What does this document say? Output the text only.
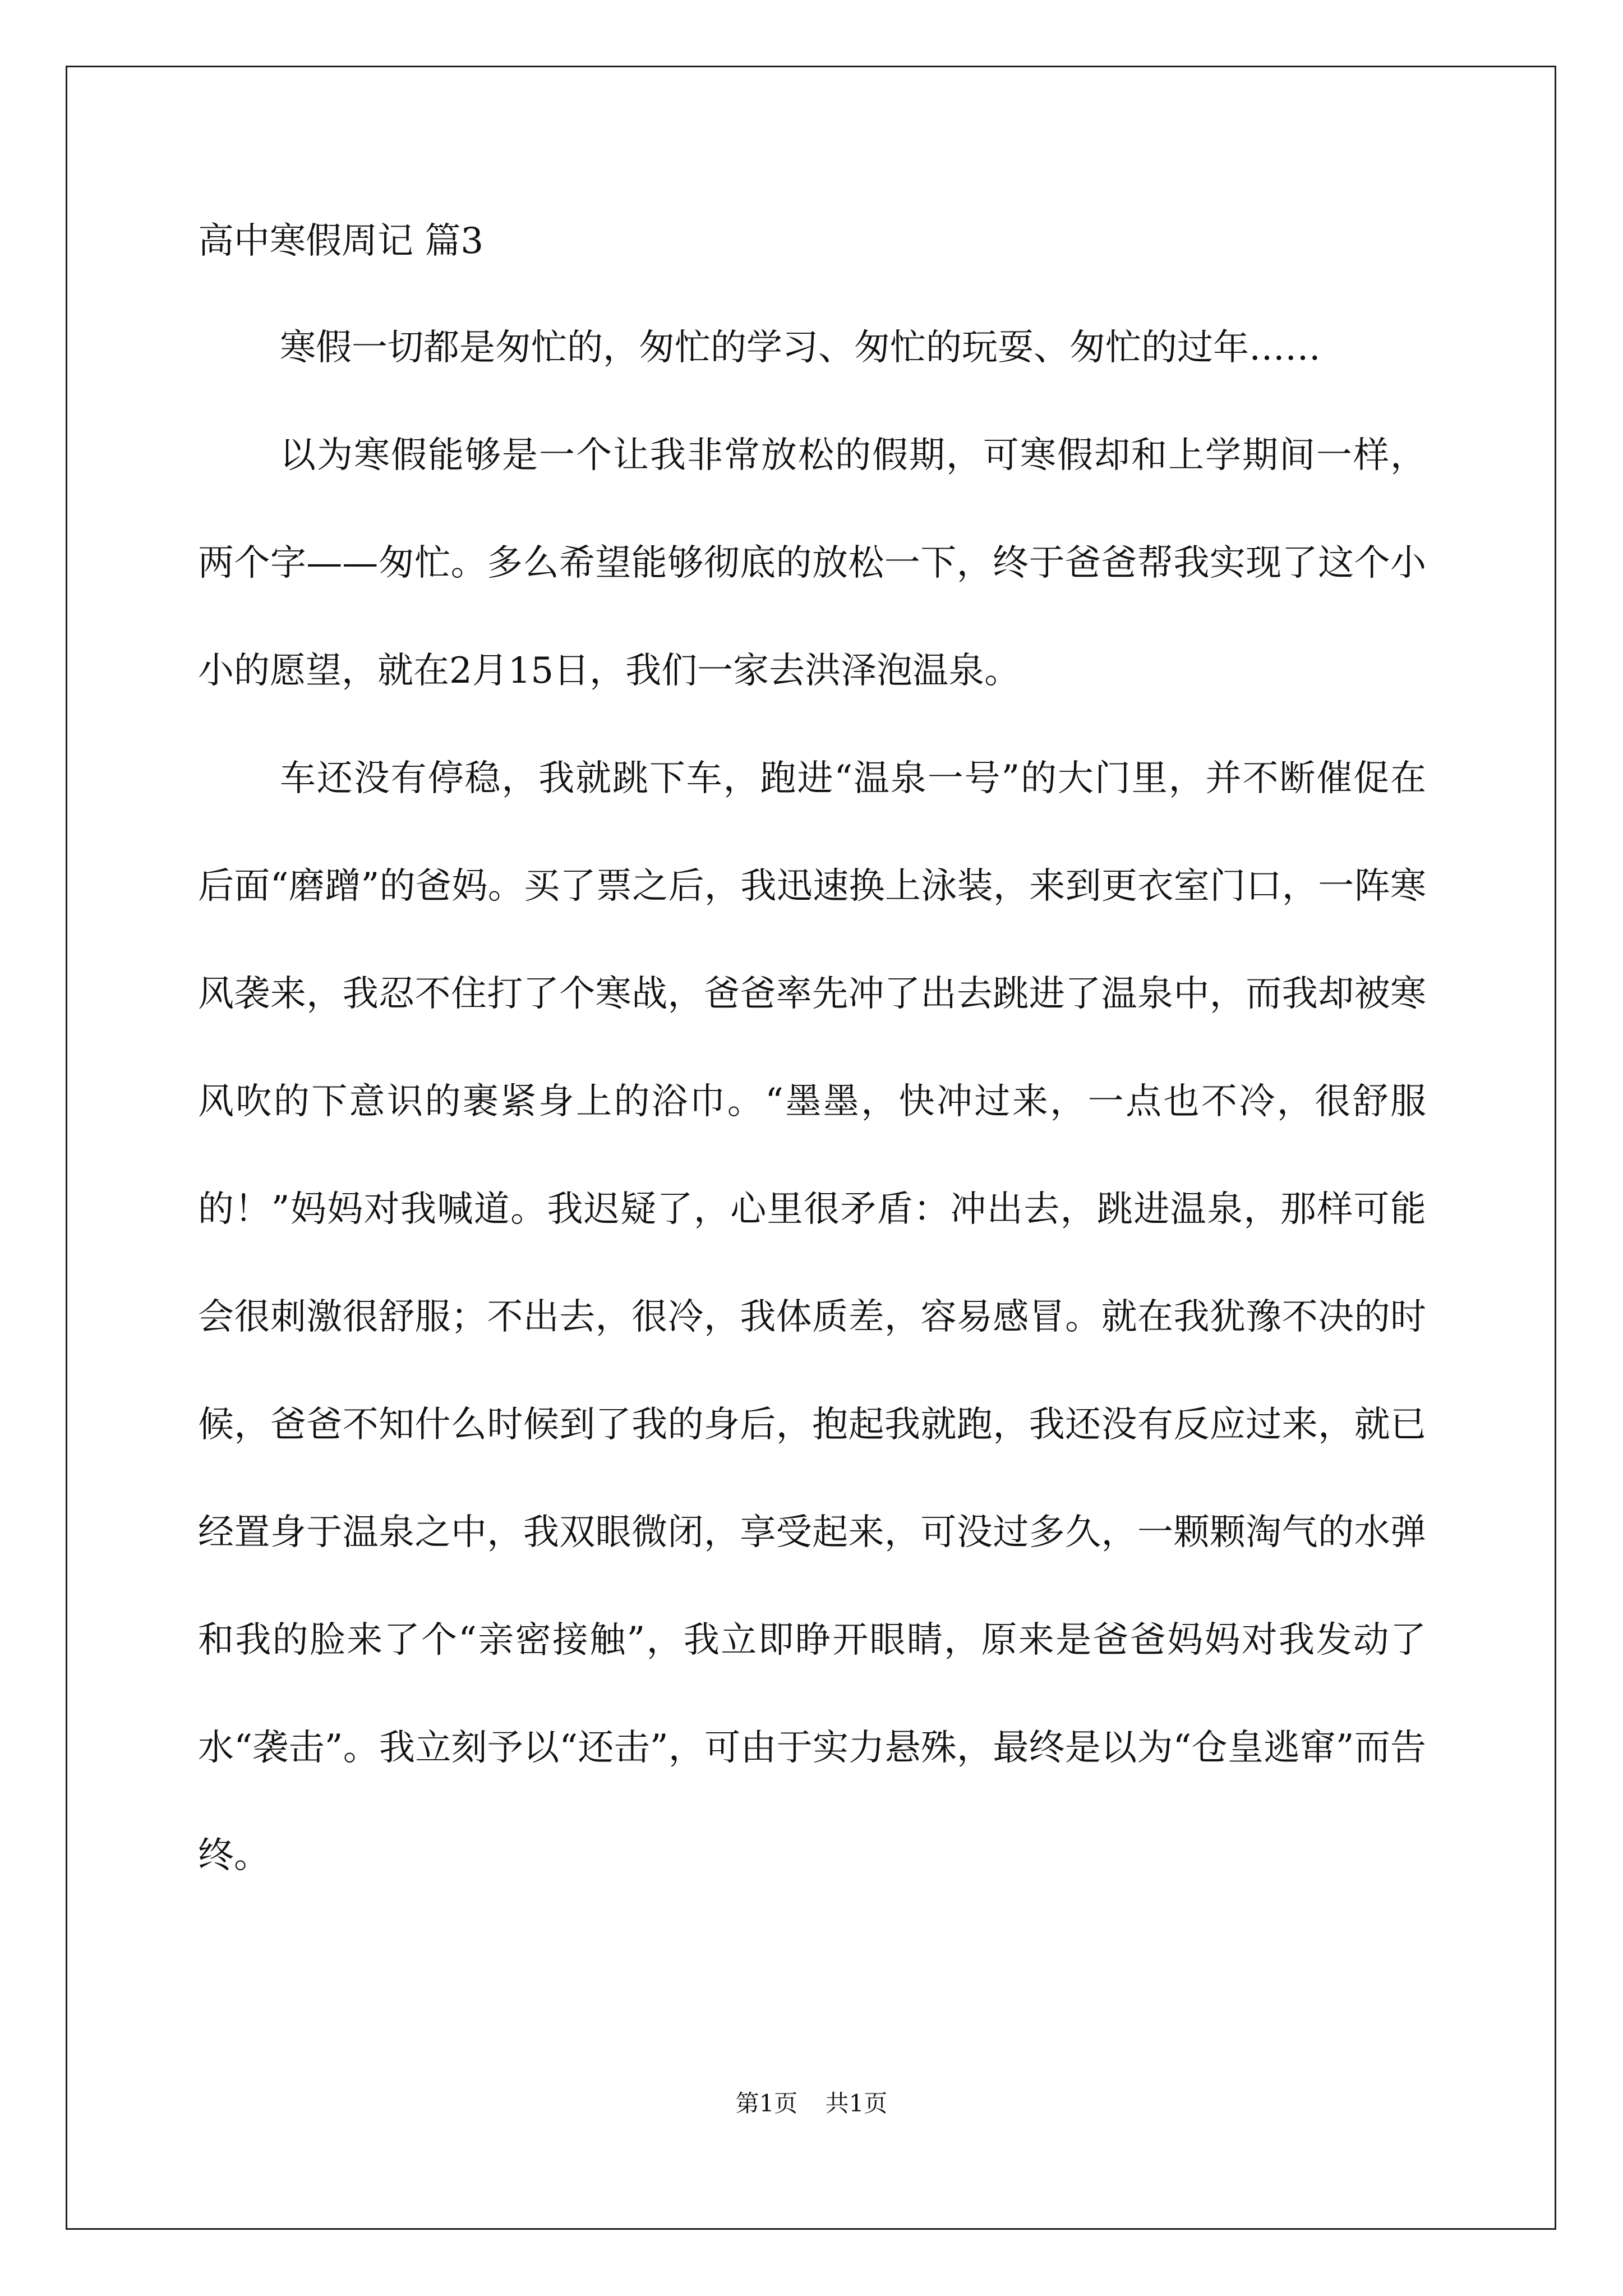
高中寒假周记 篇3

寒假一切都是匆忙的，匆忙的学习、匆忙的玩耍、匆忙的过年……

以为寒假能够是一个让我非常放松的假期，可寒假却和上学期间一样，两个字——匆忙。多么希望能够彻底的放松一下，终于爸爸帮我实现了这个小小的愿望，就在2月15日，我们一家去洪泽泡温泉。

车还没有停稳，我就跳下车，跑进“温泉一号”的大门里，并不断催促在后面“磨蹭”的爸妈。买了票之后，我迅速换上泳装，来到更衣室门口，一阵寒风袭来，我忍不住打了个寒战，爸爸率先冲了出去跳进了温泉中，而我却被寒风吹的下意识的裹紧身上的浴巾。“墨墨，快冲过来，一点也不冷，很舒服的！”妈妈对我喊道。我迟疑了，心里很矛盾：冲出去，跳进温泉，那样可能会很刺激很舒服；不出去，很冷，我体质差，容易感冒。就在我犹豫不决的时候，爸爸不知什么时候到了我的身后，抱起我就跑，我还没有反应过来，就已经置身于温泉之中，我双眼微闭，享受起来，可没过多久，一颗颗淘气的水弹和我的脸来了个“亲密接触”，我立即睁开眼睛，原来是爸爸妈妈对我发动了水“袭击”。我立刻予以“还击”，可由于实力悬殊，最终是以为“仓皇逃窜”而告终。

第1页 共1页
